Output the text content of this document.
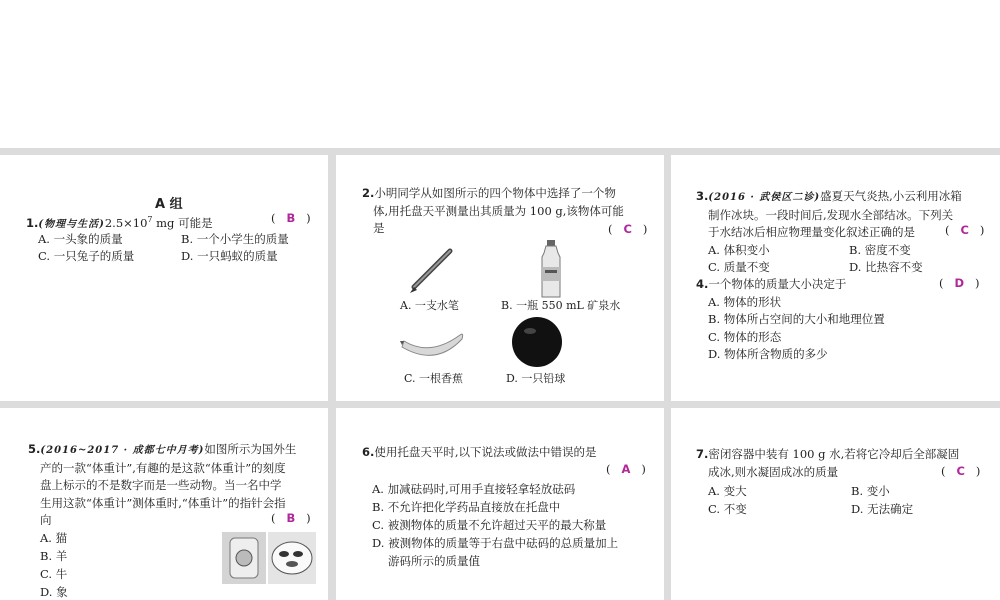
A 组
1.(物理与生活)$2.5\times 10^7$ mg 可能是	(   B   )
A. 一头象的质量	B. 一个小学生的质量
C. 一只兔子的质量	D. 一只蚂蚁的质量
2.小明同学从如图所示的四个物体中选择了一个物
体,用托盘天平测量出其质量为 100 g,该物体可能
是	(   C   )
A. 一支水笔	B. 一瓶 550 mL 矿泉水
C. 一根香蕉	D. 一只铅球
3.(2016 · 武侯区二诊)盛夏天气炎热,小云利用冰箱
制作冰块。一段时间后,发现水全部结冰。下列关
于水结冰后相应物理量变化叙述正确的是	(   C   )
A. 体积变小	B. 密度不变
C. 质量不变	D. 比热容不变
4.一个物体的质量大小决定于	(   D   )
A. 物体的形状
B. 物体所占空间的大小和地理位置
C. 物体的形态
D. 物体所含物质的多少
5.(2016~2017 · 成都七中月考)如图所示为国外生
产的一款“体重计”,有趣的是这款“体重计”的刻度
盘上标示的不是数字而是一些动物。当一名中学
生用这款“体重计”测体重时,“体重计”的指针会指
向	(   B   )
A. 猫
B. 羊
C. 牛
D. 象
6.使用托盘天平时,以下说法或做法中错误的是
(   A   )
A. 加减砝码时,可用手直接轻拿轻放砝码
B. 不允许把化学药品直接放在托盘中
C. 被测物体的质量不允许超过天平的最大称量
D. 被测物体的质量等于右盘中砝码的总质量加上
游码所示的质量值
7.密闭容器中装有 100 g 水,若将它冷却后全部凝固
成冰,则水凝固成冰的质量	(   C   )
A. 变大	B. 变小
C. 不变	D. 无法确定
